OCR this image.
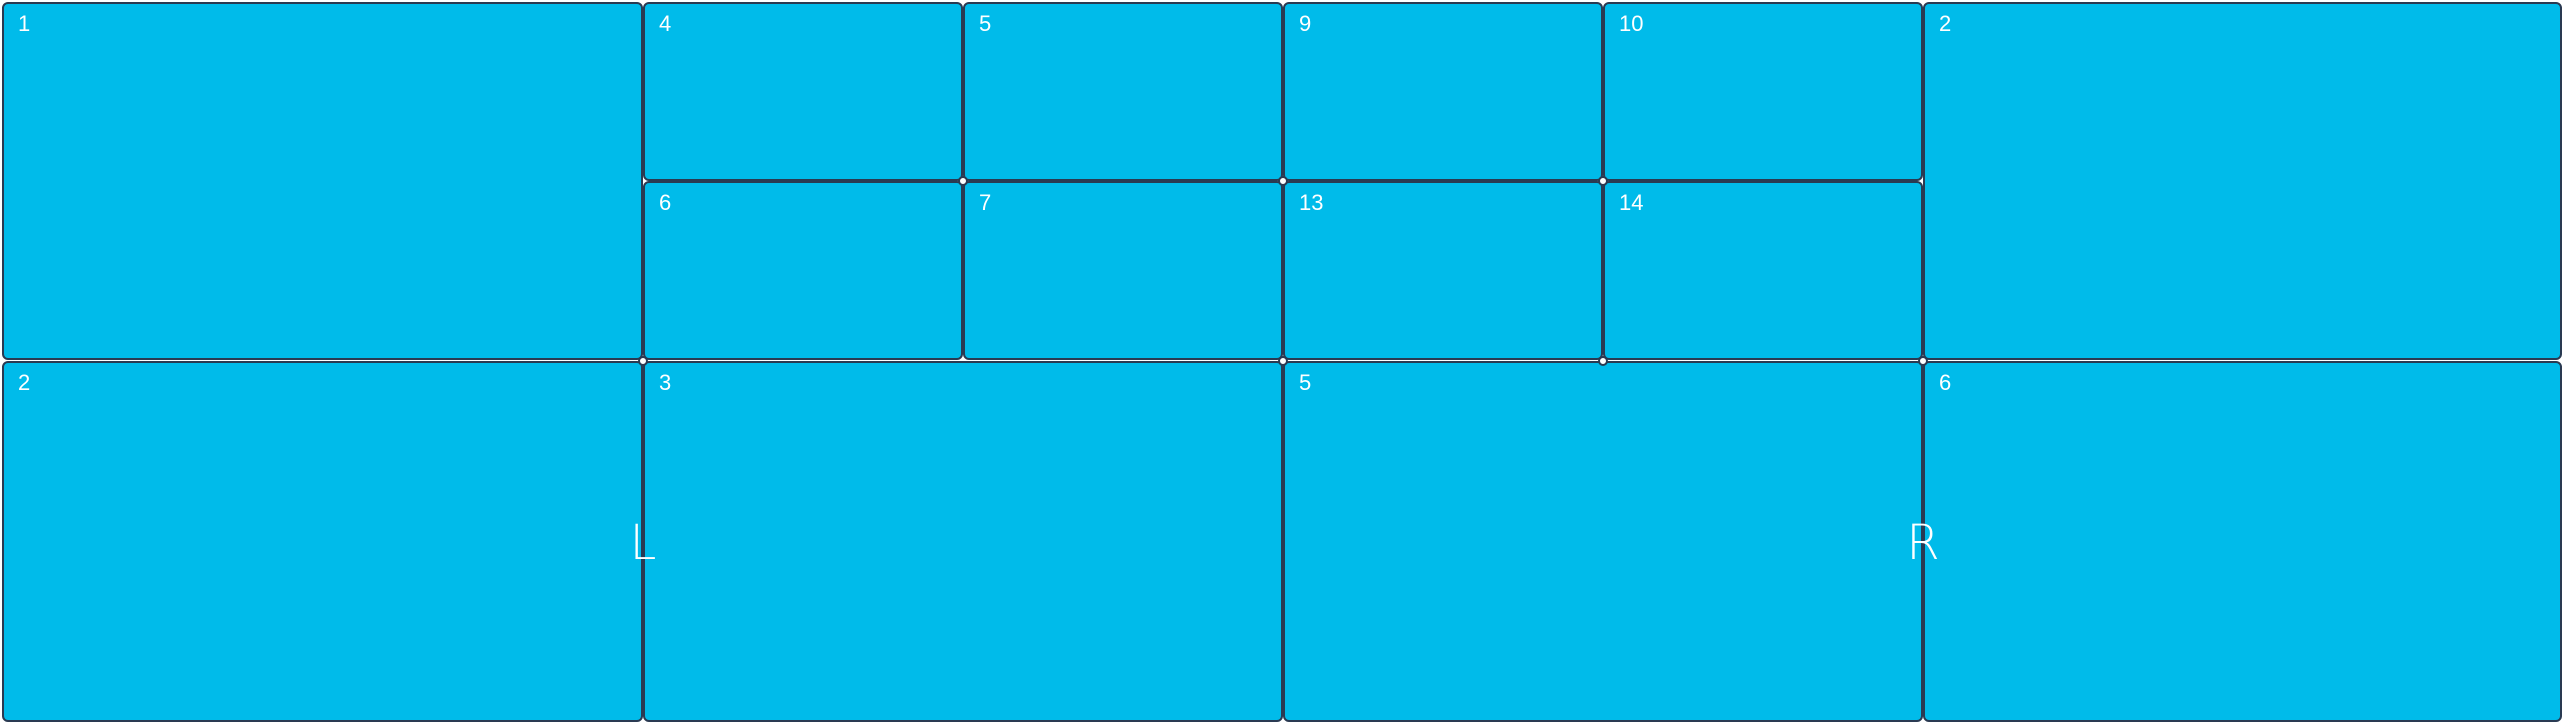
1	4	5	9	10	2
6	7	13	14
2	3	5	6
L	R
